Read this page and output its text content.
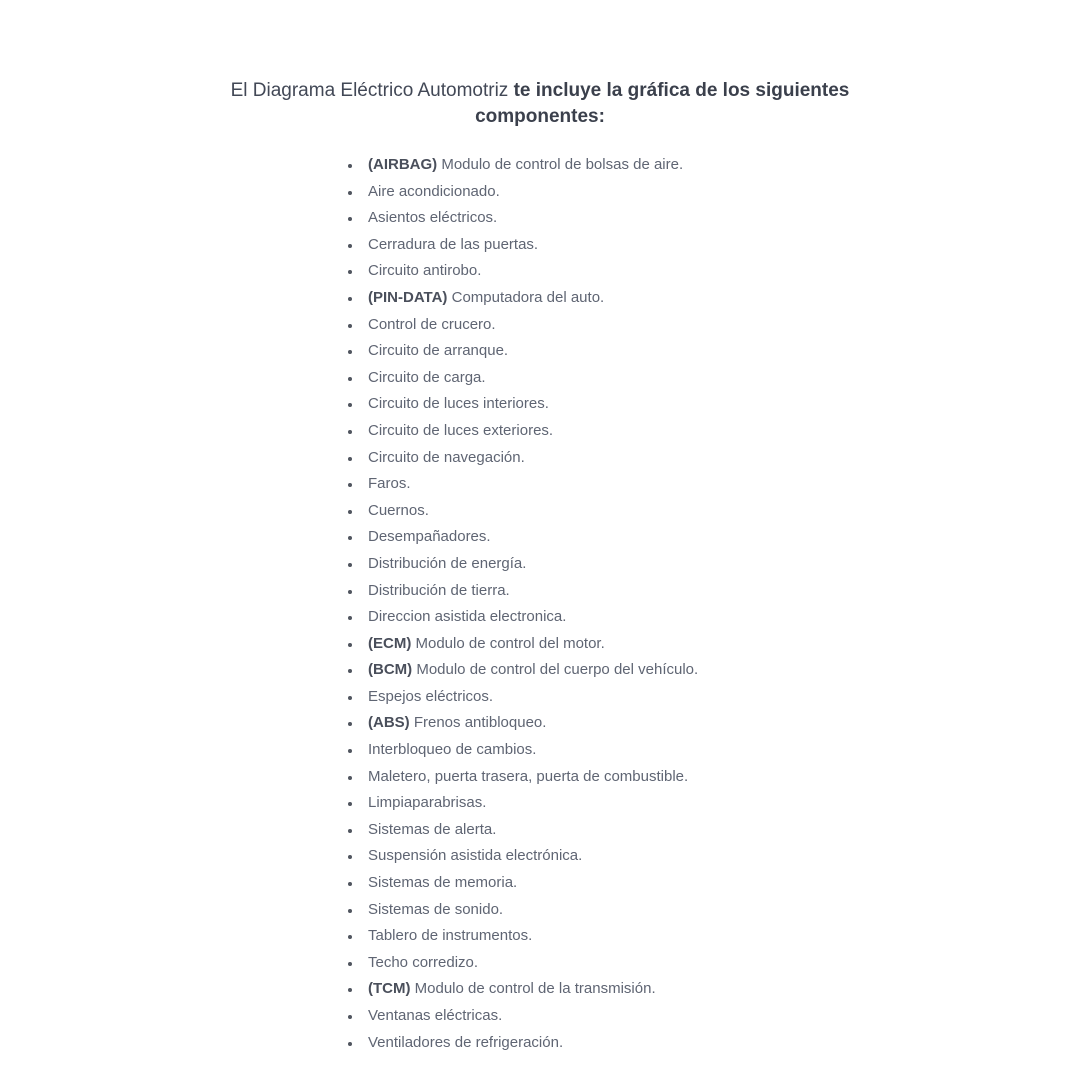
El Diagrama Eléctrico Automotriz te incluye la gráfica de los siguientes
componentes:
(AIRBAG) Modulo de control de bolsas de aire.
Aire acondicionado.
Asientos eléctricos.
Cerradura de las puertas.
Circuito antirobo.
(PIN-DATA) Computadora del auto.
Control de crucero.
Circuito de arranque.
Circuito de carga.
Circuito de luces interiores.
Circuito de luces exteriores.
Circuito de navegación.
Faros.
Cuernos.
Desempañadores.
Distribución de energía.
Distribución de tierra.
Direccion asistida electronica.
(ECM) Modulo de control del motor.
(BCM) Modulo de control del cuerpo del vehículo.
Espejos eléctricos.
(ABS) Frenos antibloqueo.
Interbloqueo de cambios.
Maletero, puerta trasera, puerta de combustible.
Limpiaparabrisas.
Sistemas de alerta.
Suspensión asistida electrónica.
Sistemas de memoria.
Sistemas de sonido.
Tablero de instrumentos.
Techo corredizo.
(TCM) Modulo de control de la transmisión.
Ventanas eléctricas.
Ventiladores de refrigeración.
